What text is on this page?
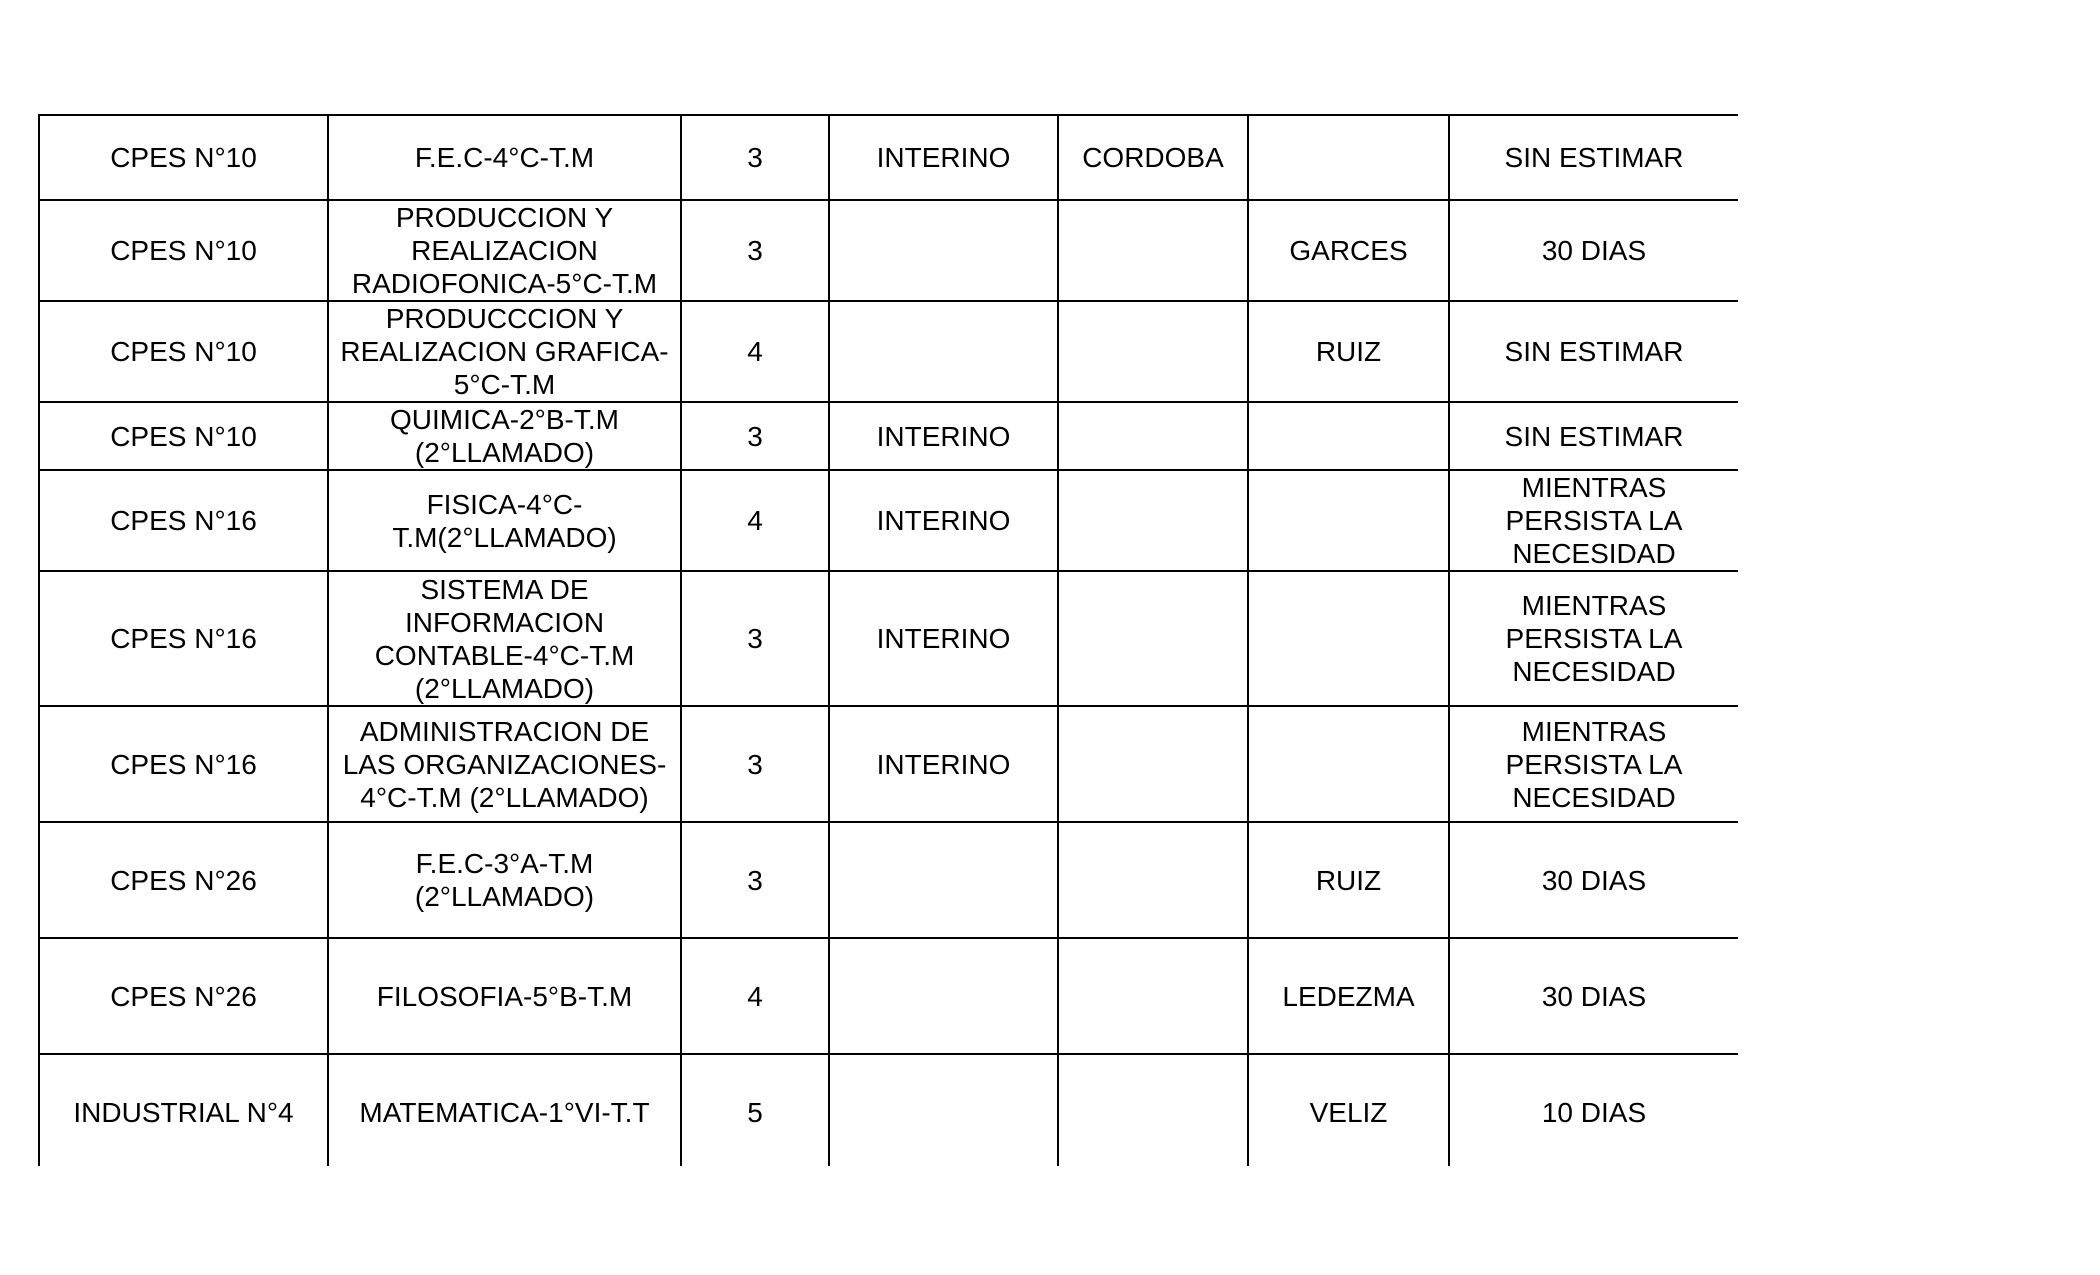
CPES N°10	F.E.C-4°C-T.M	3	INTERINO	CORDOBA		SIN ESTIMAR
CPES N°10	PRODUCCION Y REALIZACION RADIOFONICA-5°C-T.M	3			GARCES	30 DIAS
CPES N°10	PRODUCCCION Y REALIZACION GRAFICA-5°C-T.M	4			RUIZ	SIN ESTIMAR
CPES N°10	QUIMICA-2°B-T.M (2°LLAMADO)	3	INTERINO			SIN ESTIMAR
CPES N°16	FISICA-4°C-T.M(2°LLAMADO)	4	INTERINO			MIENTRAS PERSISTA LA NECESIDAD
CPES N°16	SISTEMA DE INFORMACION CONTABLE-4°C-T.M (2°LLAMADO)	3	INTERINO			MIENTRAS PERSISTA LA NECESIDAD
CPES N°16	ADMINISTRACION DE LAS ORGANIZACIONES-4°C-T.M (2°LLAMADO)	3	INTERINO			MIENTRAS PERSISTA LA NECESIDAD
CPES N°26	F.E.C-3°A-T.M (2°LLAMADO)	3			RUIZ	30 DIAS
CPES N°26	FILOSOFIA-5°B-T.M	4			LEDEZMA	30 DIAS
INDUSTRIAL N°4	MATEMATICA-1°VI-T.T	5			VELIZ	10 DIAS
